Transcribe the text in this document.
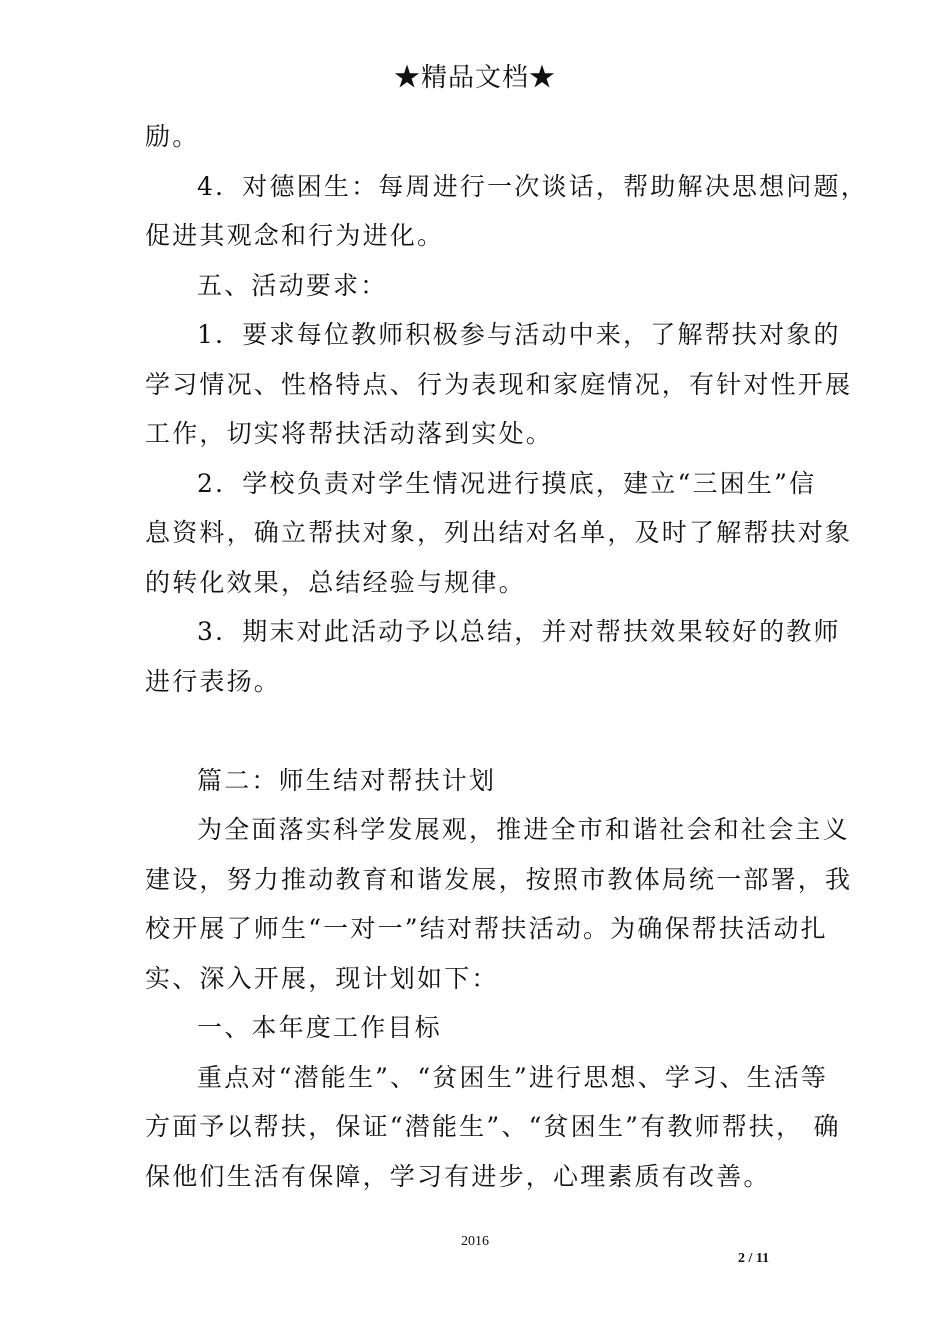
★精品文档★
励。
4．对德困生：每周进行一次谈话，帮助解决思想问题，
促进其观念和行为进化。
五、活动要求：
1．要求每位教师积极参与活动中来，了解帮扶对象的
学习情况、性格特点、行为表现和家庭情况，有针对性开展
工作，切实将帮扶活动落到实处。
2．学校负责对学生情况进行摸底，建立“三困生”信
息资料，确立帮扶对象，列出结对名单，及时了解帮扶对象
的转化效果，总结经验与规律。
3．期末对此活动予以总结，并对帮扶效果较好的教师
进行表扬。
篇二：师生结对帮扶计划
为全面落实科学发展观，推进全市和谐社会和社会主义
建设，努力推动教育和谐发展，按照市教体局统一部署，我
校开展了师生“一对一”结对帮扶活动。为确保帮扶活动扎
实、深入开展，现计划如下：
一、本年度工作目标
重点对“潜能生”、“贫困生”进行思想、学习、生活等
方面予以帮扶，保证“潜能生”、“贫困生”有教师帮扶， 确
保他们生活有保障，学习有进步，心理素质有改善。
2016
2 / 11
